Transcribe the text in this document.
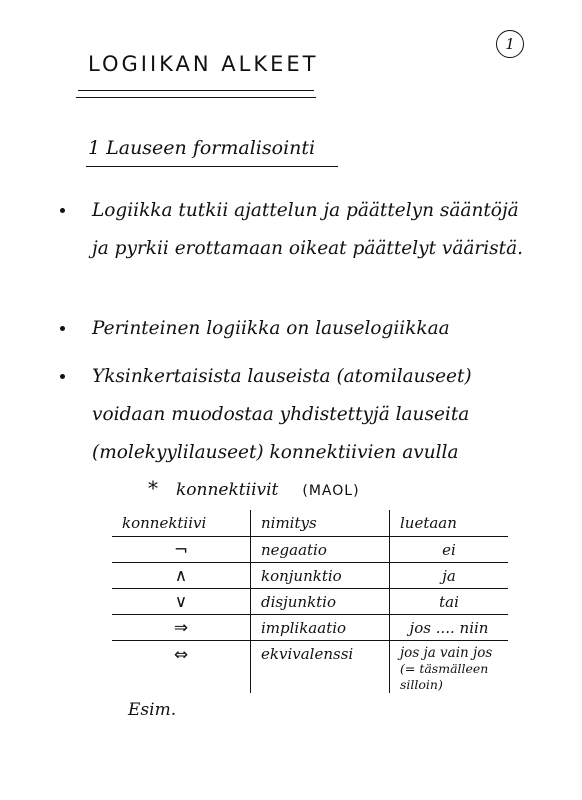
1
LOGIIKAN ALKEET
1 Lauseen formalisointi
Logiikka tutkii ajattelun ja päättelyn sääntöjä ja pyrkii erottamaan oikeat päättelyt vääristä.
Perinteinen logiikka on lauselogiikkaa
Yksinkertaisista lauseista (atomilauseet) voidaan muodostaa yhdistettyjä lauseita (molekyylilauseet) konnektiivien avulla
* konnektiivit (MAOL)
konnektiivi	nimitys	luetaan
¬	negaatio	ei
∧	konjunktio	ja
∨	disjunktio	tai
⇒	implikaatio	jos .... niin
⇔	ekvivalenssi	jos ja vain jos
(= täsmälleen silloin)
Esim.
